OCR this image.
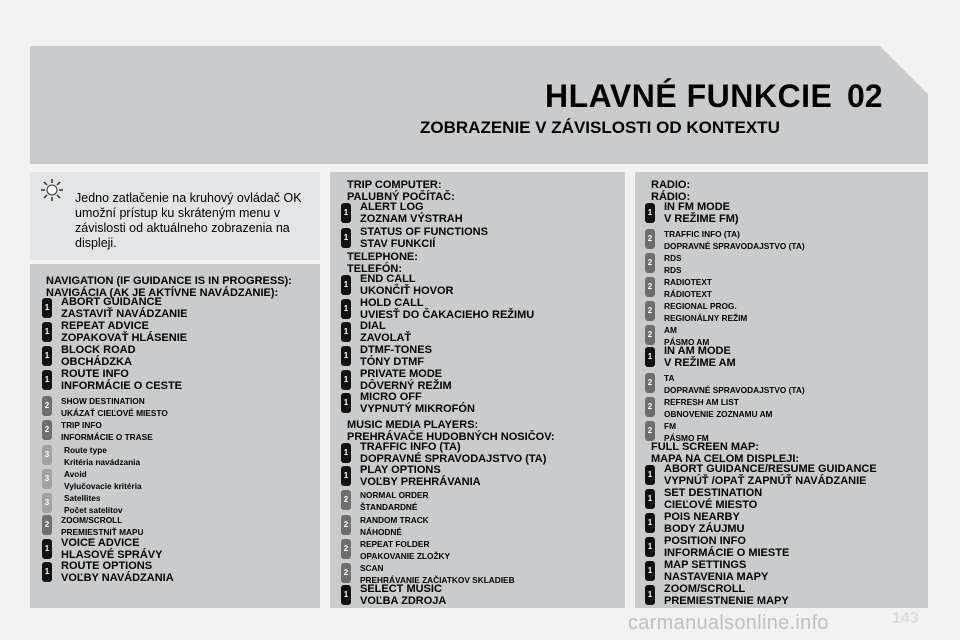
HLAVNÉ FUNKCIE 02
ZOBRAZENIE V ZÁVISLOSTI OD KONTEXTU
Jedno zatlačenie na kruhový ovládač OK umožní prístup ku skráteným menu v závislosti od aktuálneho zobrazenia na displeji.
NAVIGATION (IF GUIDANCE IS IN PROGRESS):
NAVIGÁCIA (AK JE AKTÍVNE NAVÁDZANIE):
1 ABORT GUIDANCE
ZASTAVIŤ NAVÁDZANIE
1 REPEAT ADVICE
ZOPAKOVAŤ HLÁSENIE
1 BLOCK ROAD
OBCHÁDZKA
1 ROUTE INFO
INFORMÁCIE O CESTE
2	SHOW DESTINATION
UKÁZAŤ CIEĽOVÉ MIESTO
2	TRIP INFO
INFORMÁCIE O TRASE
3	Route type
Kritéria navádzania
3	Avoid
Vylučovacie kritéria
3	Satellites
Počet satelitov
2	ZOOM/SCROLL
PREMIESTNIŤ MAPU
1 VOICE ADVICE
HLASOVÉ SPRÁVY
1 ROUTE OPTIONS
VOĽBY NAVÁDZANIA
TRIP COMPUTER:
PALUBNÝ POČÍTAČ:
1 ALERT LOG
ZOZNAM VÝSTRAH
1 STATUS OF FUNCTIONS
STAV FUNKCIÍ
TELEPHONE:
TELEFÓN:
1 END CALL
UKONČIŤ HOVOR
1 HOLD CALL
UVIESŤ DO ČAKACIEHO REŽIMU
1 DIAL
ZAVOLAŤ
1 DTMF-TONES
TÓNY DTMF
1 PRIVATE MODE
DÔVERNÝ REŽIM
1 MICRO OFF
VYPNUTÝ MIKROFÓN
MUSIC MEDIA PLAYERS:
PREHRÁVAČE HUDOBNÝCH NOSIČOV:
1 TRAFFIC INFO (TA)
DOPRAVNÉ SPRAVODAJSTVO (TA)
1 PLAY OPTIONS
VOĽBY PREHRÁVANIA
2	NORMAL ORDER
ŠTANDARDNÉ
2	RANDOM TRACK
NÁHODNÉ
2	REPEAT FOLDER
OPAKOVANIE ZLOŽKY
2	SCAN
PREHRÁVANIE ZAČIATKOV SKLADIEB
1 SELECT MUSIC
VOĽBA ZDROJA
RADIO:
RÁDIO:
1 IN FM MODE
V REŽIME FM)
2	TRAFFIC INFO (TA)
DOPRAVNÉ SPRAVODAJSTVO (TA)
2	RDS
RDS
2	RADIOTEXT
RÁDIOTEXT
2	REGIONAL PROG.
REGIONÁLNY REŽIM
2	AM
PÁSMO AM
1 IN AM MODE
V REŽIME AM
2	TA
DOPRAVNÉ SPRAVODAJSTVO (TA)
2	REFRESH AM LIST
OBNOVENIE ZOZNAMU AM
2	FM
PÁSMO FM
FULL SCREEN MAP:
MAPA NA CELOM DISPLEJI:
1 ABORT GUIDANCE/RESUME GUIDANCE
VYPNÚŤ /OPAŤ ZAPNÚŤ NAVÁDZANIE
1 SET DESTINATION
CIEĽOVÉ MIESTO
1 POIS NEARBY
BODY ZÁUJMU
1 POSITION INFO
INFORMÁCIE O MIESTE
1 MAP SETTINGS
NASTAVENIA MAPY
1 ZOOM/SCROLL
PREMIESTNENIE MAPY
carmanualsonline.info	143
